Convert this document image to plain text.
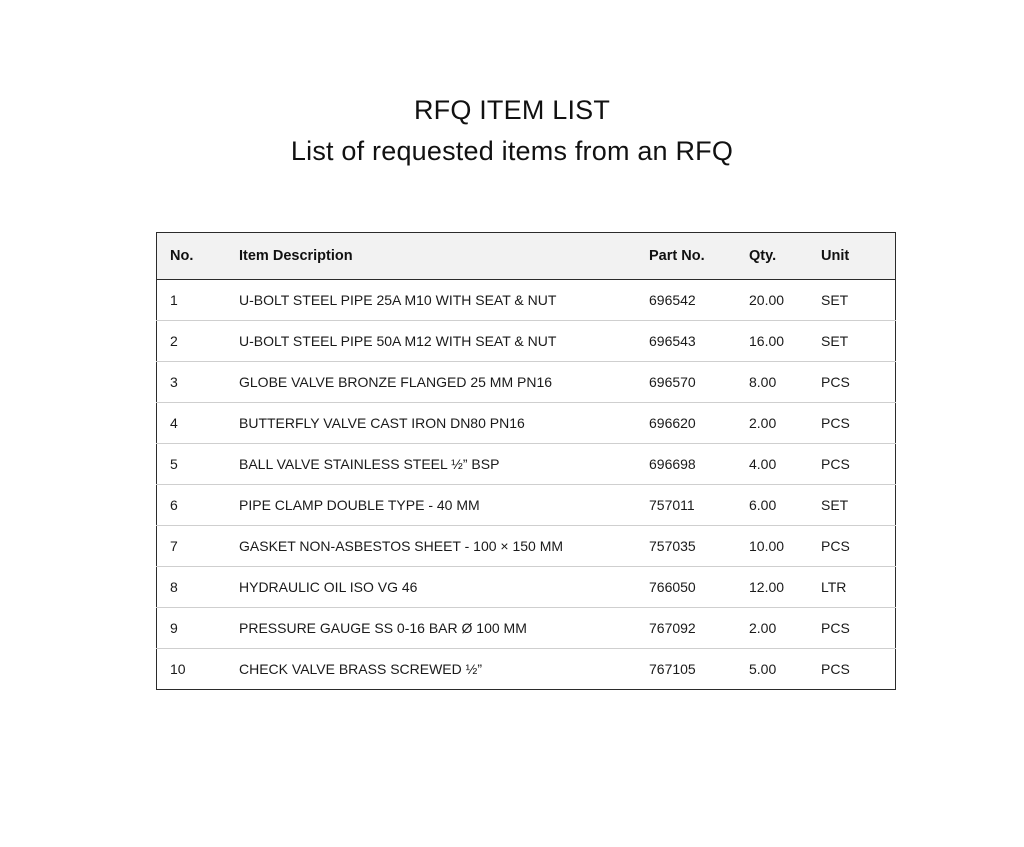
RFQ ITEM LIST
List of requested items from an RFQ
No.	Item Description	Part No.	Qty.	Unit
1	U-BOLT STEEL PIPE 25A M10 WITH SEAT & NUT	696542	20.00	SET
2	U-BOLT STEEL PIPE 50A M12 WITH SEAT & NUT	696543	16.00	SET
3	GLOBE VALVE BRONZE FLANGED 25 MM PN16	696570	8.00	PCS
4	BUTTERFLY VALVE CAST IRON DN80 PN16	696620	2.00	PCS
5	BALL VALVE STAINLESS STEEL ½” BSP	696698	4.00	PCS
6	PIPE CLAMP DOUBLE TYPE - 40 MM	757011	6.00	SET
7	GASKET NON-ASBESTOS SHEET - 100 × 150 MM	757035	10.00	PCS
8	HYDRAULIC OIL ISO VG 46	766050	12.00	LTR
9	PRESSURE GAUGE SS 0-16 BAR Ø 100 MM	767092	2.00	PCS
10	CHECK VALVE BRASS SCREWED ½”	767105	5.00	PCS
